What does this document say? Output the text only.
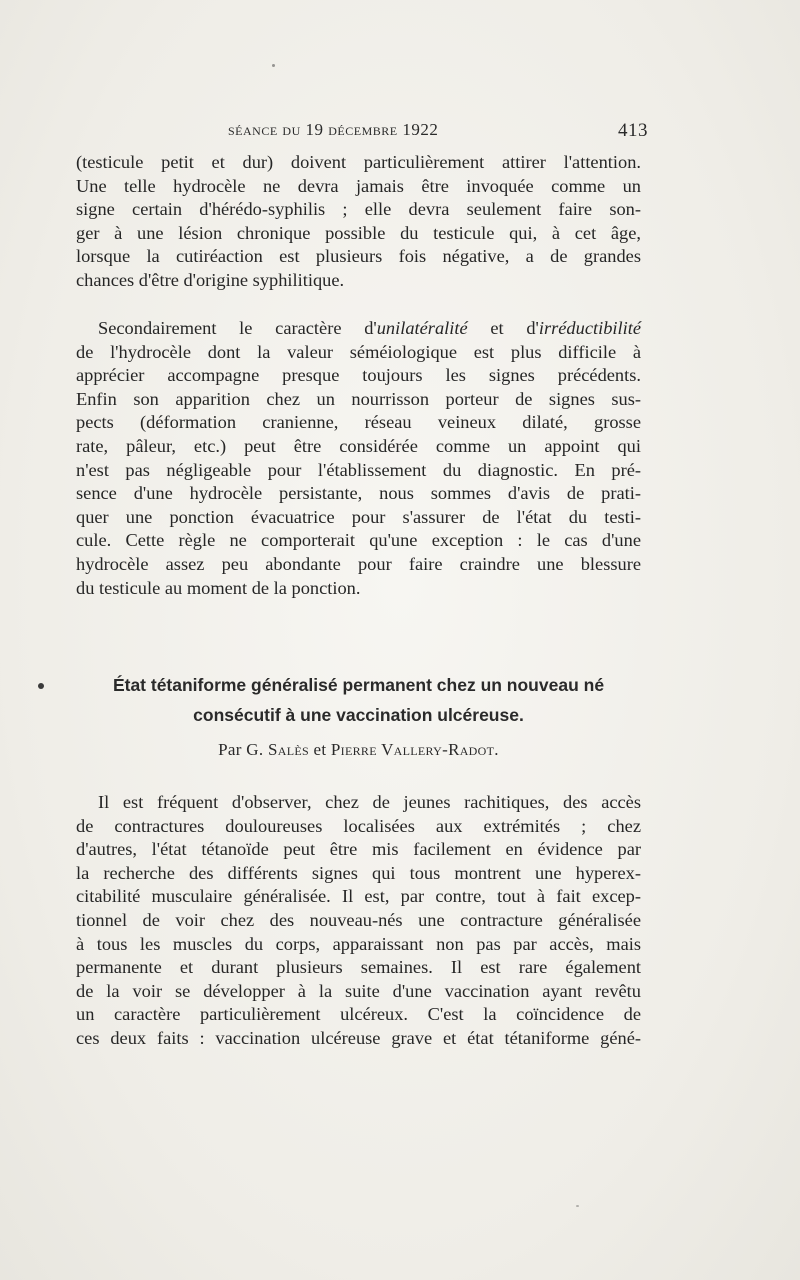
séance du 19 décembre 1922	413
(testicule petit et dur) doivent particulièrement attirer l'attention.
Une telle hydrocèle ne devra jamais être invoquée comme un
signe certain d'hérédo-syphilis ; elle devra seulement faire son-
ger à une lésion chronique possible du testicule qui, à cet âge,
lorsque la cutiréaction est plusieurs fois négative, a de grandes
chances d'être d'origine syphilitique.
Secondairement le caractère d'unilatéralité et d'irréductibilité
de l'hydrocèle dont la valeur séméiologique est plus difficile à
apprécier accompagne presque toujours les signes précédents.
Enfin son apparition chez un nourrisson porteur de signes sus-
pects (déformation cranienne, réseau veineux dilaté, grosse
rate, pâleur, etc.) peut être considérée comme un appoint qui
n'est pas négligeable pour l'établissement du diagnostic. En pré-
sence d'une hydrocèle persistante, nous sommes d'avis de prati-
quer une ponction évacuatrice pour s'assurer de l'état du testi-
cule. Cette règle ne comporterait qu'une exception : le cas d'une
hydrocèle assez peu abondante pour faire craindre une blessure
du testicule au moment de la ponction.
État tétaniforme généralisé permanent chez un nouveau né
consécutif à une vaccination ulcéreuse.
Par G. Salès et Pierre Vallery-Radot.
Il est fréquent d'observer, chez de jeunes rachitiques, des accès
de contractures douloureuses localisées aux extrémités ; chez
d'autres, l'état tétanoïde peut être mis facilement en évidence par
la recherche des différents signes qui tous montrent une hyperex-
citabilité musculaire généralisée. Il est, par contre, tout à fait excep-
tionnel de voir chez des nouveau-nés une contracture généralisée
à tous les muscles du corps, apparaissant non pas par accès, mais
permanente et durant plusieurs semaines. Il est rare également
de la voir se développer à la suite d'une vaccination ayant revêtu
un caractère particulièrement ulcéreux. C'est la coïncidence de
ces deux faits : vaccination ulcéreuse grave et état tétaniforme géné-
